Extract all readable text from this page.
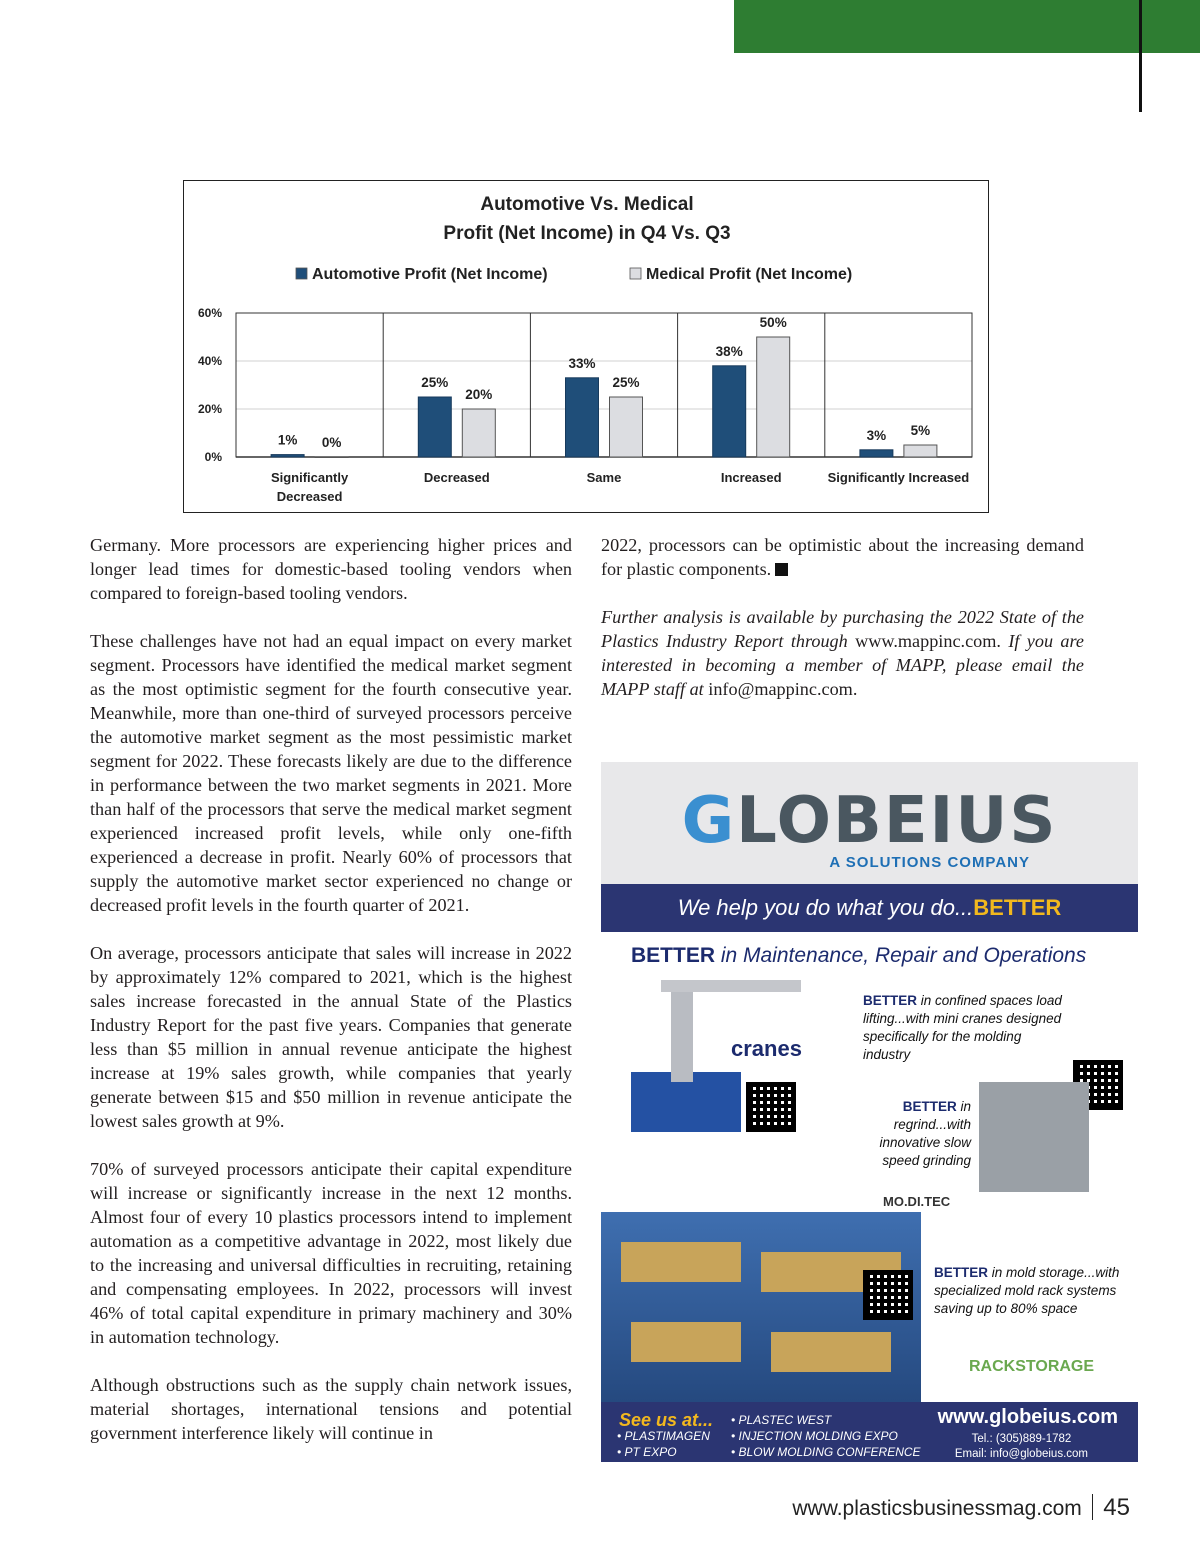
Automotive Vs. Medical
Profit (Net Income) in Q4 Vs. Q3
Automotive Profit (Net Income)	Medical Profit (Net Income)
0%
20%
40%
60%
1% 0%
Significantly
Decreased
25%
20%
Decreased
33%
25%
Same
38%
50%
Increased
3% 5%
Significantly Increased

Germany. More processors are experiencing higher prices and longer lead times for domestic-based tooling vendors when compared to foreign-based tooling vendors.

These challenges have not had an equal impact on every market segment. Processors have identified the medical market segment as the most optimistic segment for the fourth consecutive year. Meanwhile, more than one-third of surveyed processors perceive the automotive market segment as the most pessimistic market segment for 2022. These forecasts likely are due to the difference in performance between the two market segments in 2021. More than half of the processors that serve the medical market segment experienced increased profit levels, while only one-fifth experienced a decrease in profit. Nearly 60% of processors that supply the automotive market sector experienced no change or decreased profit levels in the fourth quarter of 2021.

On average, processors anticipate that sales will increase in 2022 by approximately 12% compared to 2021, which is the highest sales increase forecasted in the annual State of the Plastics Industry Report for the past five years. Companies that generate less than $5 million in annual revenue anticipate the highest increase at 19% sales growth, while companies that yearly generate between $15 and $50 million in revenue anticipate the lowest sales growth at 9%.

70% of surveyed processors anticipate their capital expenditure will increase or significantly increase in the next 12 months. Almost four of every 10 plastics processors intend to implement automation as a competitive advantage in 2022, most likely due to the increasing and universal difficulties in recruiting, retaining and compensating employees. In 2022, processors will invest 46% of total capital expenditure in primary machinery and 30% in automation technology.

Although obstructions such as the supply chain network issues, material shortages, international tensions and potential government interference likely will continue in

2022, processors can be optimistic about the increasing demand for plastic components.

Further analysis is available by purchasing the 2022 State of the Plastics Industry Report through www.mappinc.com. If you are interested in becoming a member of MAPP, please email the MAPP staff at info@mappinc.com.

GLOBEIUS
A SOLUTIONS COMPANY
We help you do what you do...BETTER
BETTER in Maintenance, Repair and Operations
cranes
BETTER in confined spaces load lifting...with mini cranes designed specifically for the molding industry
BETTER in regrind...with innovative slow speed grinding
MO.DI.TEC
BETTER in mold storage...with specialized mold rack systems saving up to 80% space
RACKSTORAGE
See us at...
• PLASTIMAGEN
• PT EXPO
• PLASTEC WEST
• INJECTION MOLDING EXPO
• BLOW MOLDING CONFERENCE
www.globeius.com
Tel.: (305)889-1782
Email: info@globeius.com
www.plasticsbusinessmag.com 45
